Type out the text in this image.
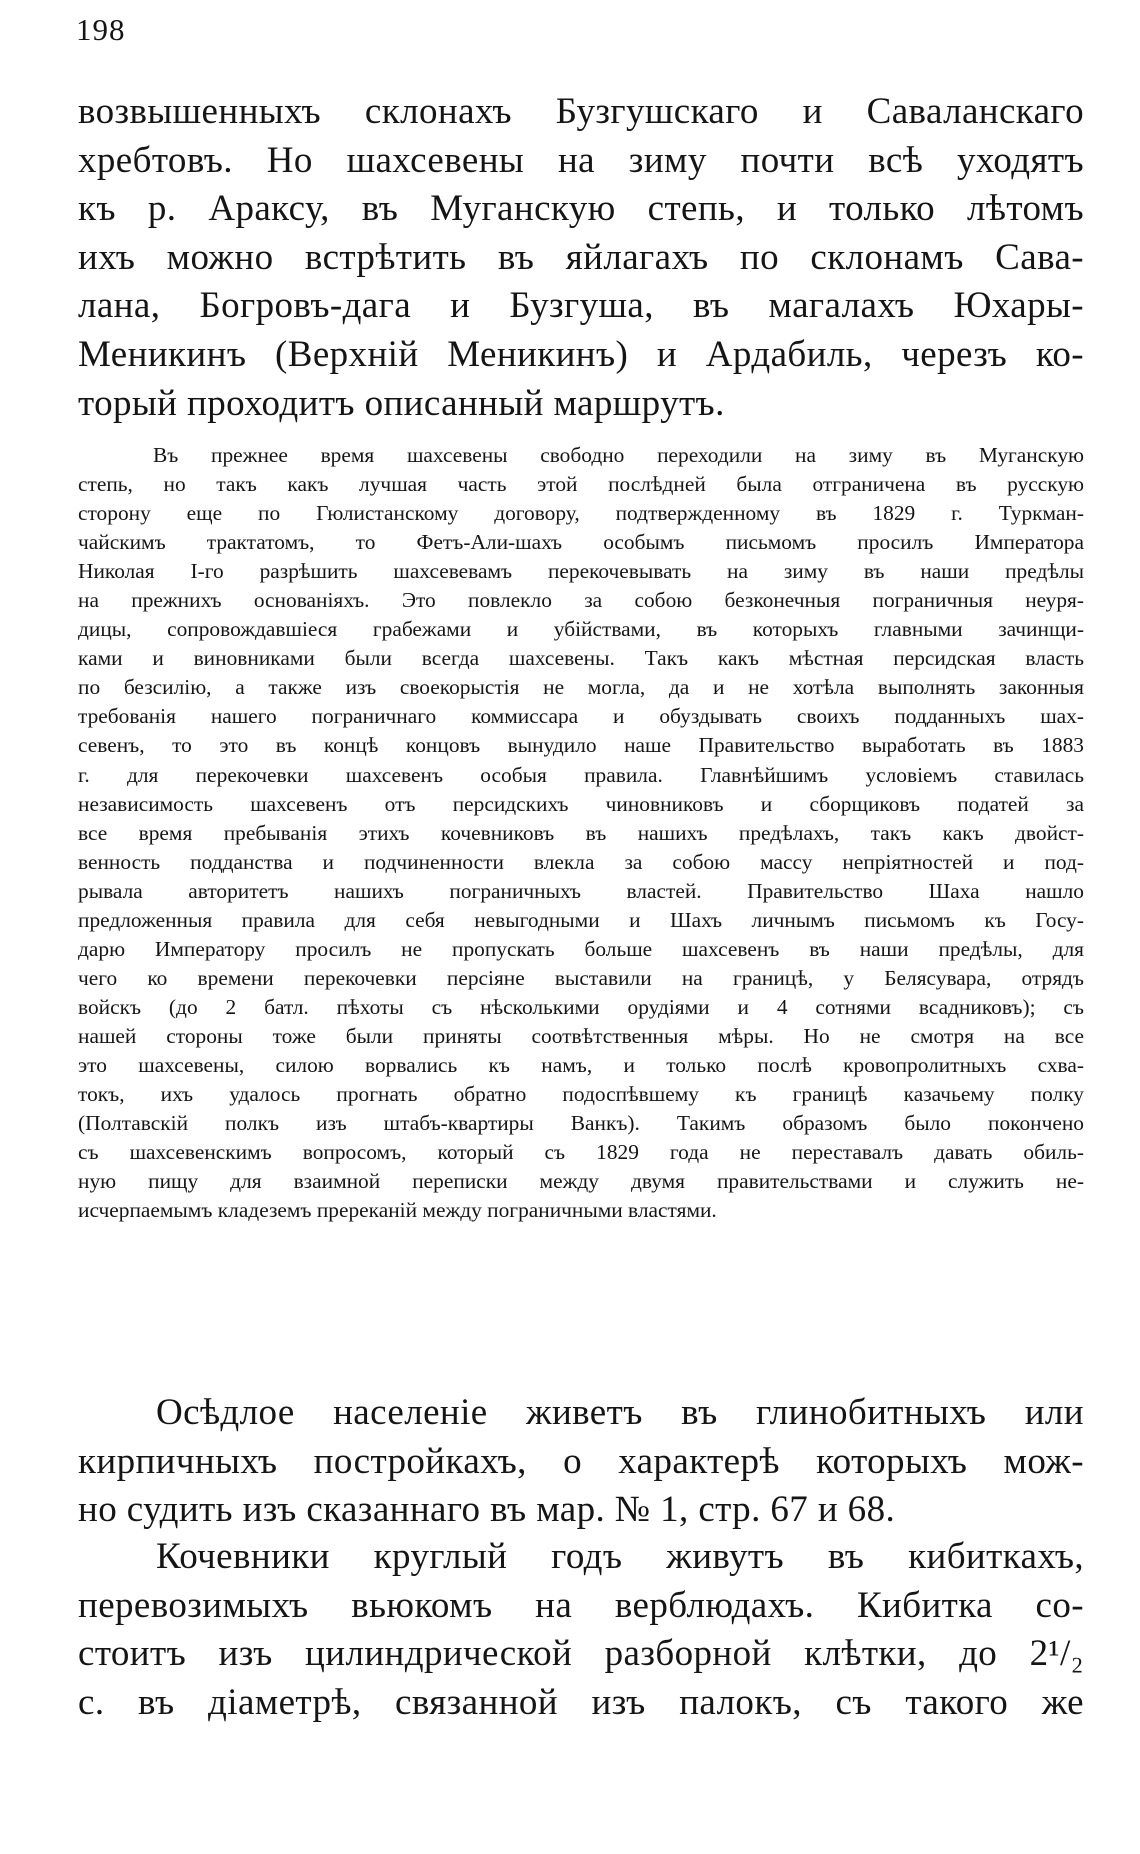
198
возвышенныхъ склонахъ Бузгушскаго и Саваланскаго
хребтовъ. Но шахсевены на зиму почти всѣ уходятъ
къ р. Араксу, въ Муганскую степь, и только лѣтомъ
ихъ можно встрѣтить въ яйлагахъ по склонамъ Сава-
лана, Богровъ-дага и Бузгуша, въ магалахъ Юхары-
Меникинъ (Верхній Меникинъ) и Ардабиль, черезъ ко-
торый проходитъ описанный маршрутъ.
Въ прежнее время шахсевены свободно переходили на зиму въ Муганскую
степь, но такъ какъ лучшая часть этой послѣдней была отграничена въ русскую
сторону еще по Гюлистанскому договору, подтвержденному въ 1829 г. Туркман-
чайскимъ трактатомъ, то Фетъ-Али-шахъ особымъ письмомъ просилъ Императора
Николая I-го разрѣшить шахсевевамъ перекочевывать на зиму въ наши предѣлы
на прежнихъ основаніяхъ. Это повлекло за собою безконечныя пограничныя неуря-
дицы, сопровождавшіеся грабежами и убійствами, въ которыхъ главными зачинщи-
ками и виновниками были всегда шахсевены. Такъ какъ мѣстная персидская власть
по безсилію, а также изъ своекорыстія не могла, да и не хотѣла выполнять законныя
требованія нашего пограничнаго коммиссара и обуздывать своихъ подданныхъ шах-
севенъ, то это въ концѣ концовъ вынудило наше Правительство выработать въ 1883
г. для перекочевки шахсевенъ особыя правила. Главнѣйшимъ условіемъ ставилась
независимость шахсевенъ отъ персидскихъ чиновниковъ и сборщиковъ податей за
все время пребыванія этихъ кочевниковъ въ нашихъ предѣлахъ, такъ какъ двойст-
венность подданства и подчиненности влекла за собою массу непріятностей и под-
рывала авторитетъ нашихъ пограничныхъ властей. Правительство Шаха нашло
предложенныя правила для себя невыгодными и Шахъ личнымъ письмомъ къ Госу-
дарю Императору просилъ не пропускать больше шахсевенъ въ наши предѣлы, для
чего ко времени перекочевки персіяне выставили на границѣ, у Белясувара, отрядъ
войскъ (до 2 батл. пѣхоты съ нѣсколькими орудіями и 4 сотнями всадниковъ); съ
нашей стороны тоже были приняты соотвѣтственныя мѣры. Но не смотря на все
это шахсевены, силою ворвались къ намъ, и только послѣ кровопролитныхъ схва-
токъ, ихъ удалось прогнать обратно подоспѣвшему къ границѣ казачьему полку
(Полтавскій полкъ изъ штабъ-квартиры Ванкъ). Такимъ образомъ было покончено
съ шахсевенскимъ вопросомъ, который съ 1829 года не переставалъ давать обиль-
ную пищу для взаимной переписки между двумя правительствами и служить не-
исчерпаемымъ кладеземъ пререканій между пограничными властями.
Осѣдлое населеніе живетъ въ глинобитныхъ или
кирпичныхъ постройкахъ, о характерѣ которыхъ мож-
но судить изъ сказаннаго въ мар. № 1, стр. 67 и 68.
Кочевники круглый годъ живутъ въ кибиткахъ,
перевозимыхъ вьюкомъ на верблюдахъ. Кибитка со-
стоитъ изъ цилиндрической разборной клѣтки, до 2¹/₂
с. въ діаметрѣ, связанной изъ палокъ, съ такого же
